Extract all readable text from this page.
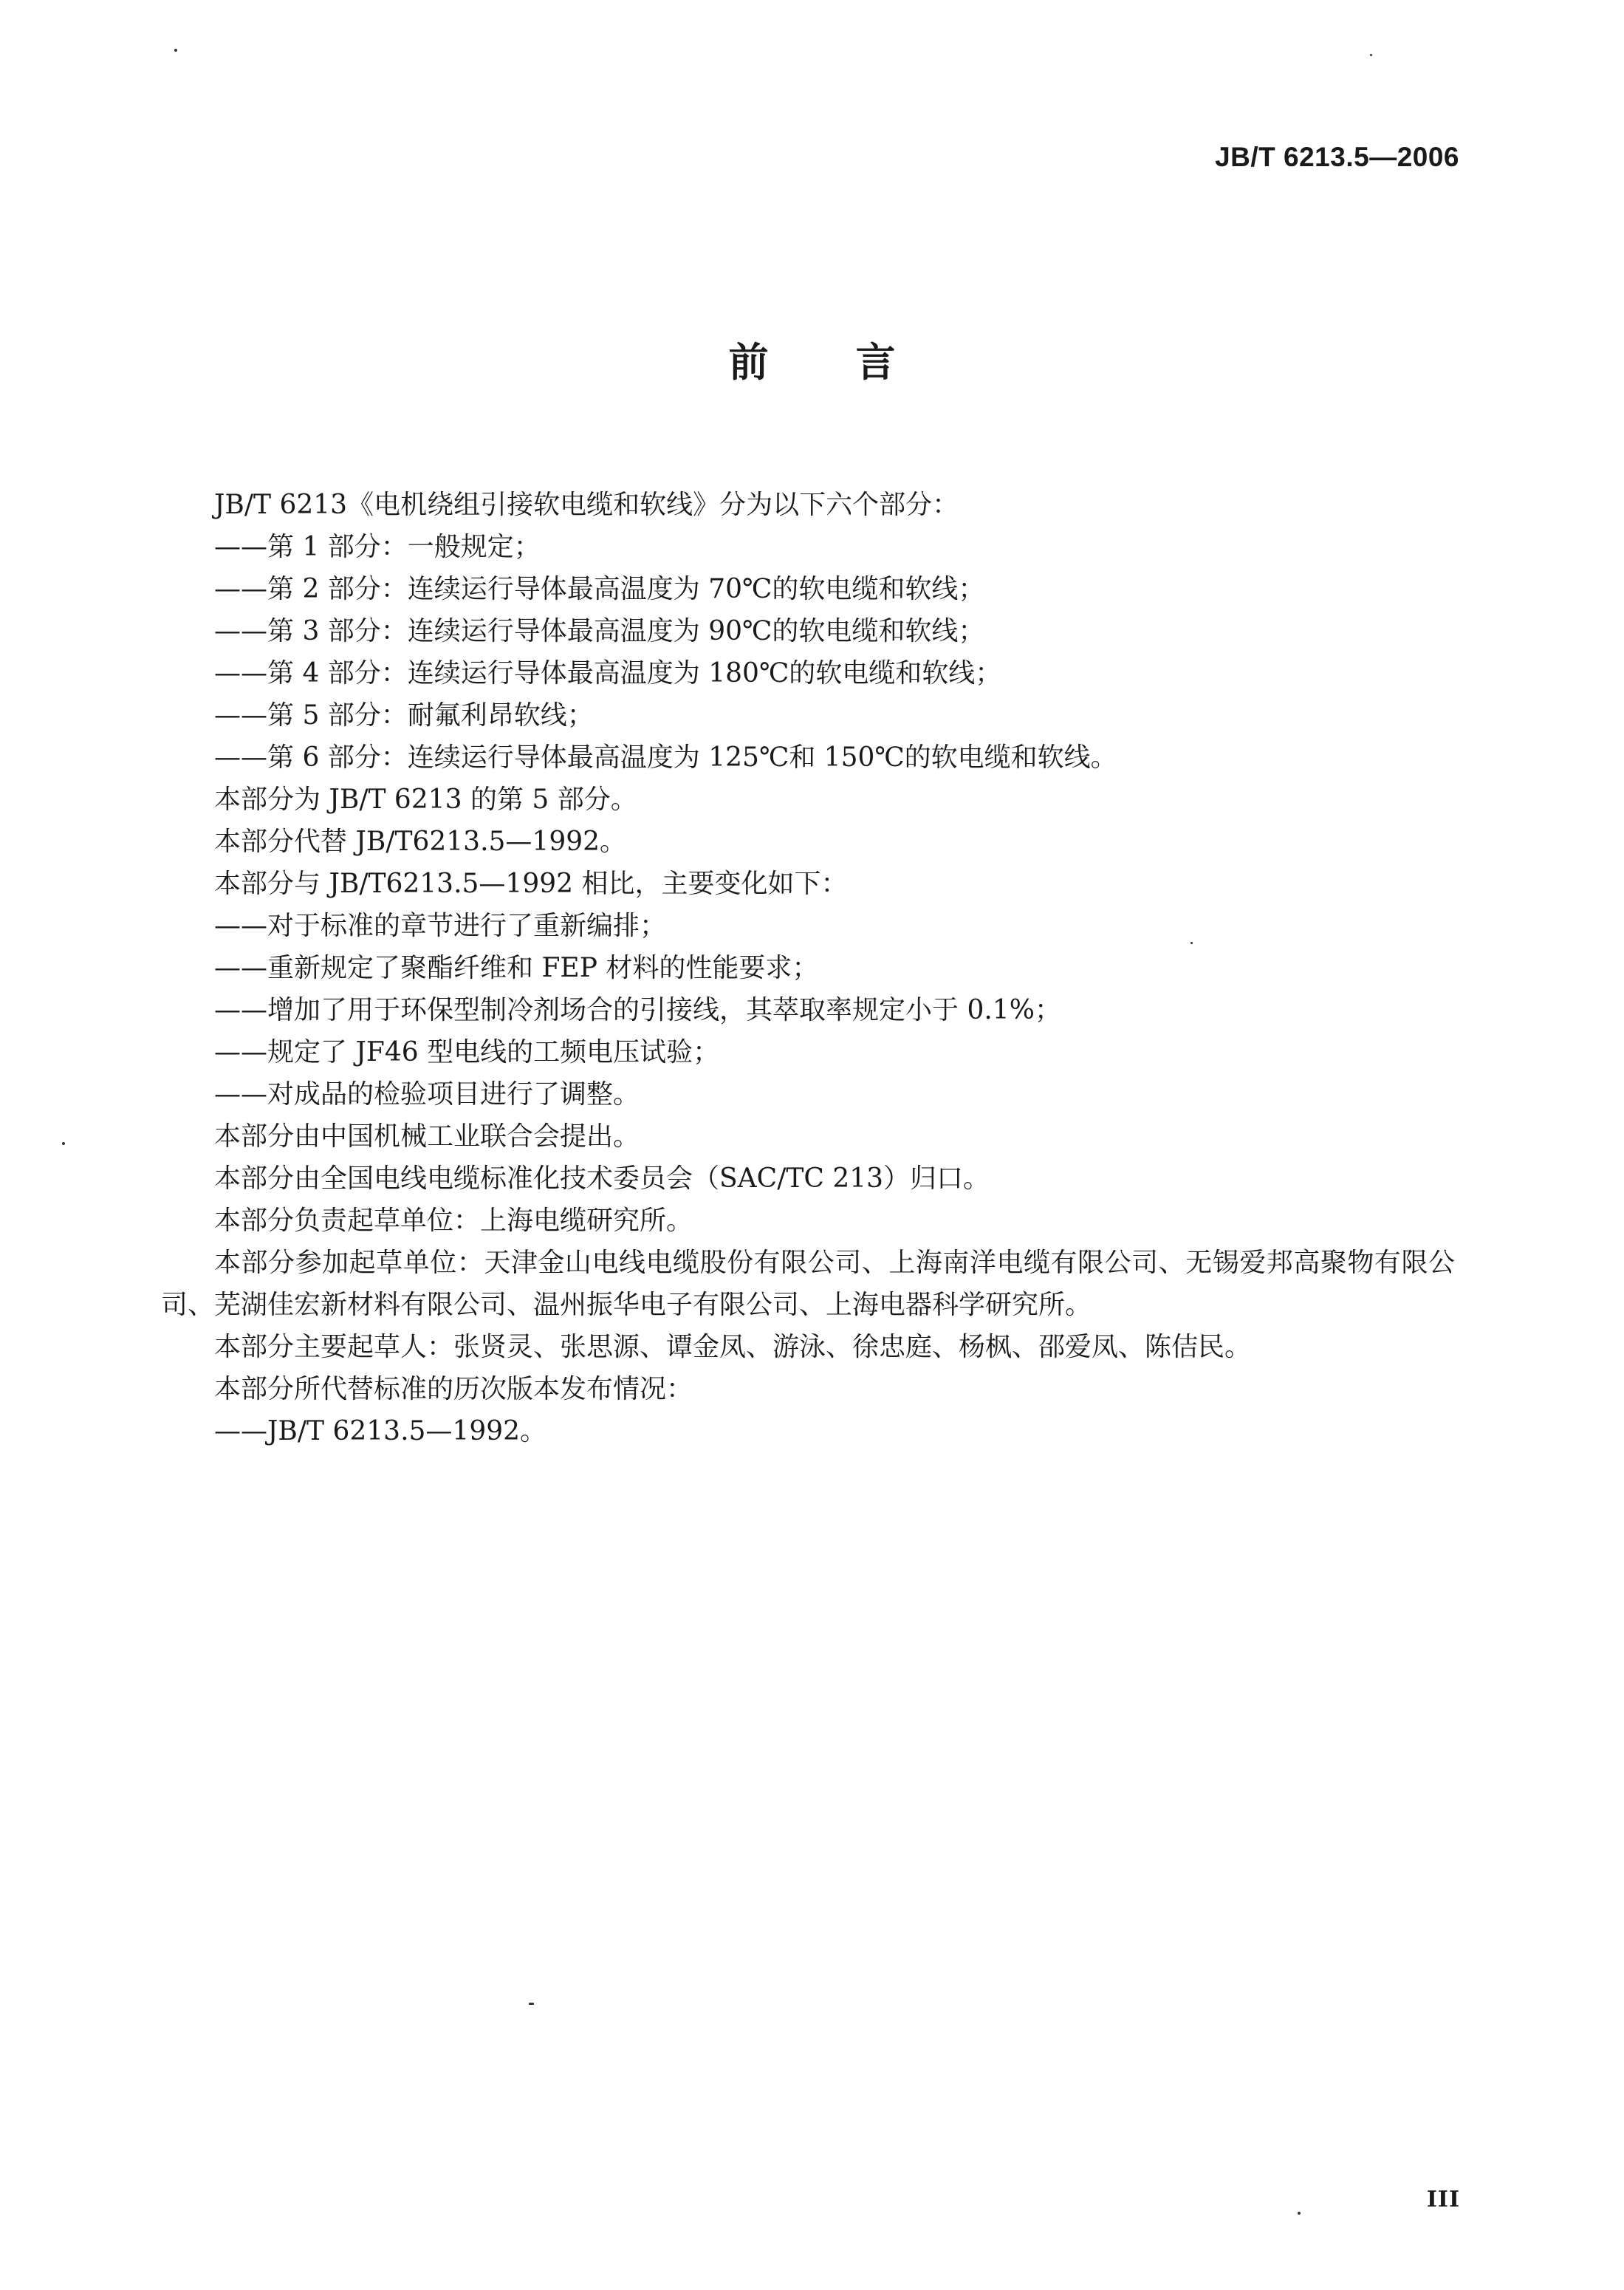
JB/T 6213.5—2006
前言

JB/T 6213《电机绕组引接软电缆和软线》分为以下六个部分：

——第 1 部分：一般规定；

——第 2 部分：连续运行导体最高温度为 70℃的软电缆和软线；

——第 3 部分：连续运行导体最高温度为 90℃的软电缆和软线；

——第 4 部分：连续运行导体最高温度为 180℃的软电缆和软线；

——第 5 部分：耐氟利昂软线；

——第 6 部分：连续运行导体最高温度为 125℃和 150℃的软电缆和软线。

本部分为 JB/T 6213 的第 5 部分。

本部分代替 JB/T6213.5—1992。

本部分与 JB/T6213.5—1992 相比，主要变化如下：

——对于标准的章节进行了重新编排；

——重新规定了聚酯纤维和 FEP 材料的性能要求；

——增加了用于环保型制冷剂场合的引接线，其萃取率规定小于 0.1%；

——规定了 JF46 型电线的工频电压试验；

——对成品的检验项目进行了调整。

本部分由中国机械工业联合会提出。

本部分由全国电线电缆标准化技术委员会（SAC/TC 213）归口。

本部分负责起草单位：上海电缆研究所。

本部分参加起草单位：天津金山电线电缆股份有限公司、上海南洋电缆有限公司、无锡爱邦高聚物有限公司、芜湖佳宏新材料有限公司、温州振华电子有限公司、上海电器科学研究所。

本部分主要起草人：张贤灵、张思源、谭金凤、游泳、徐忠庭、杨枫、邵爱凤、陈佶民。

本部分所代替标准的历次版本发布情况：

——JB/T 6213.5—1992。

III
